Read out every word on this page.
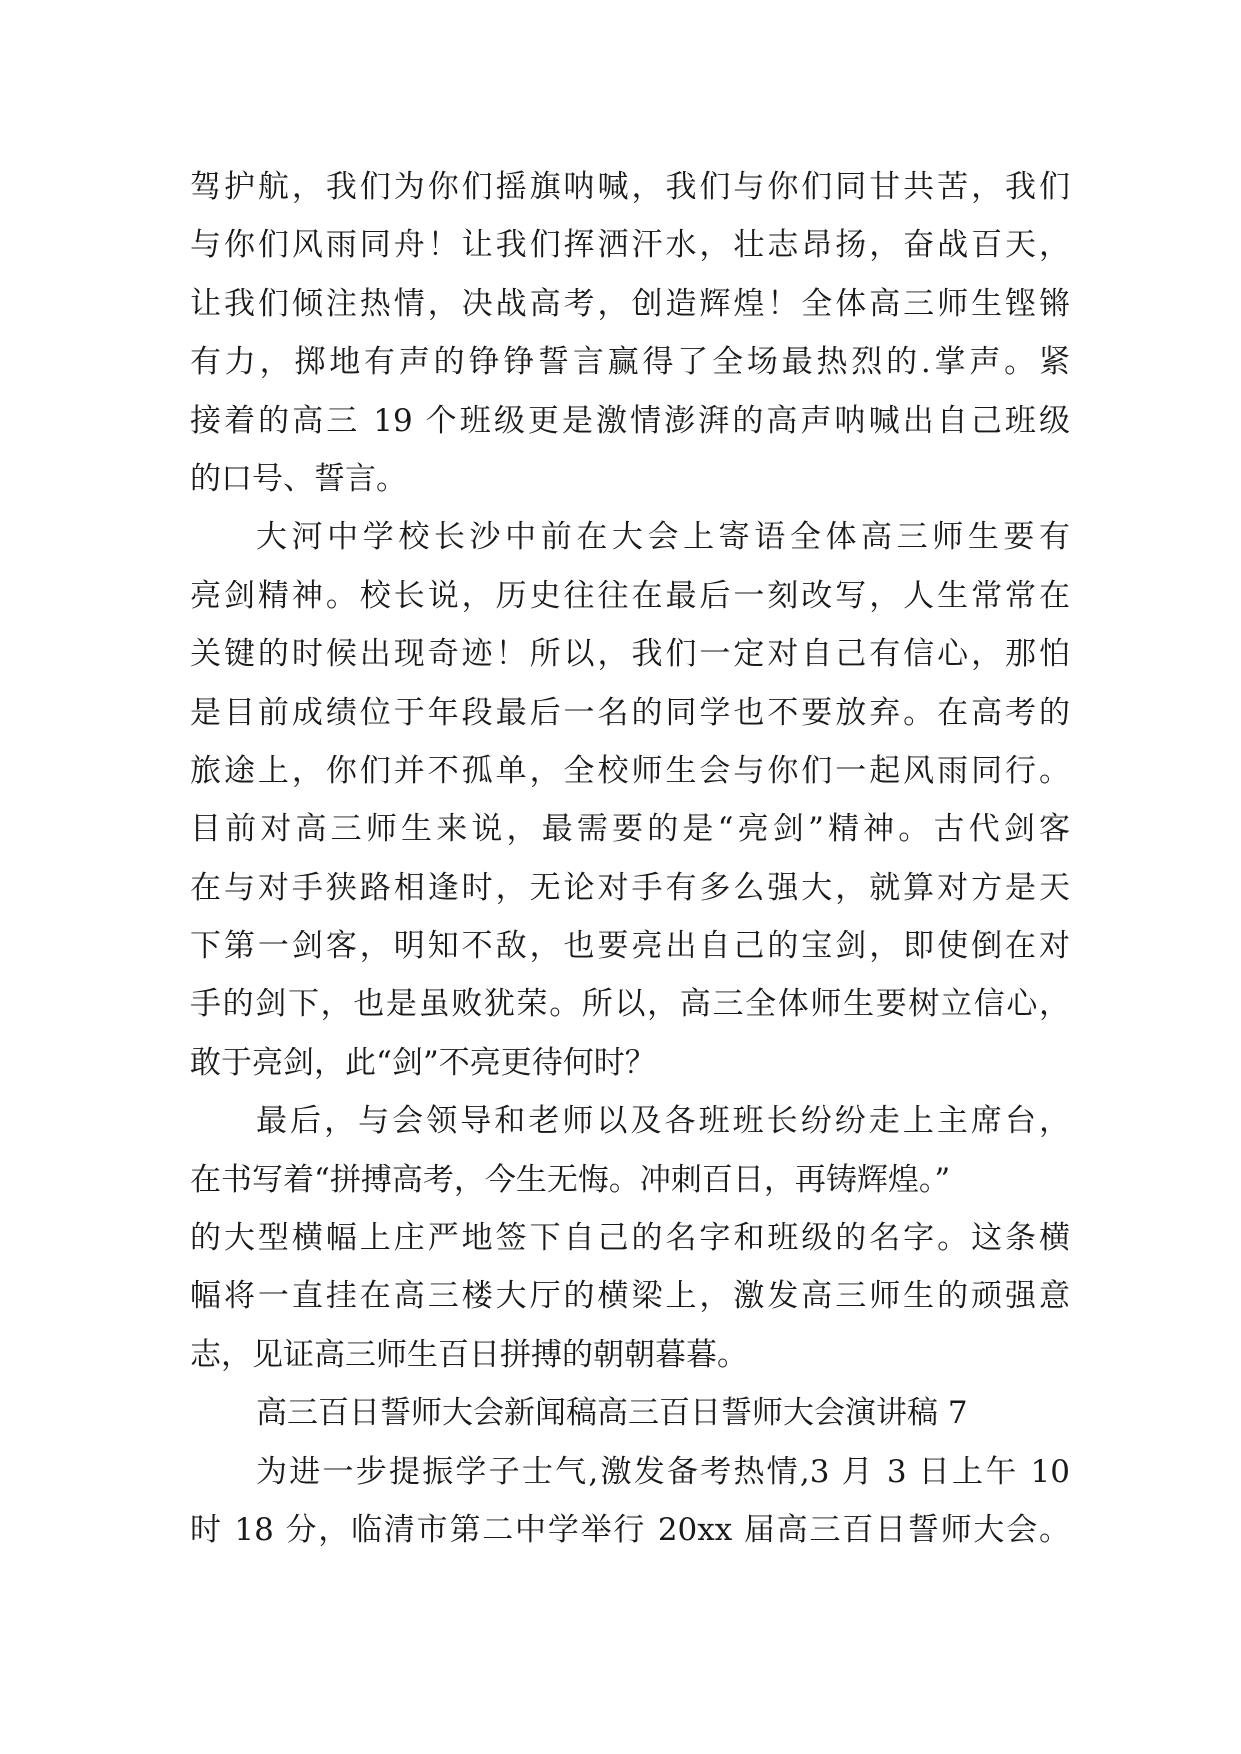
驾护航，我们为你们摇旗呐喊，我们与你们同甘共苦，我们
与你们风雨同舟！让我们挥洒汗水，壮志昂扬，奋战百天，
让我们倾注热情，决战高考，创造辉煌！全体高三师生铿锵
有力，掷地有声的铮铮誓言赢得了全场最热烈的.掌声。紧
接着的高三 19 个班级更是激情澎湃的高声呐喊出自己班级
的口号、誓言。
大河中学校长沙中前在大会上寄语全体高三师生要有
亮剑精神。校长说，历史往往在最后一刻改写，人生常常在
关键的时候出现奇迹！所以，我们一定对自己有信心，那怕
是目前成绩位于年段最后一名的同学也不要放弃。在高考的
旅途上，你们并不孤单，全校师生会与你们一起风雨同行。
目前对高三师生来说，最需要的是“亮剑”精神。古代剑客
在与对手狭路相逢时，无论对手有多么强大，就算对方是天
下第一剑客，明知不敌，也要亮出自己的宝剑，即使倒在对
手的剑下，也是虽败犹荣。所以，高三全体师生要树立信心，
敢于亮剑，此“剑”不亮更待何时？
最后，与会领导和老师以及各班班长纷纷走上主席台，
在书写着“拼搏高考，今生无悔。冲刺百日，再铸辉煌。”
的大型横幅上庄严地签下自己的名字和班级的名字。这条横
幅将一直挂在高三楼大厅的横梁上，激发高三师生的顽强意
志，见证高三师生百日拼搏的朝朝暮暮。
高三百日誓师大会新闻稿高三百日誓师大会演讲稿 7
为进一步提振学子士气,激发备考热情,3 月 3 日上午 10
时 18 分，临清市第二中学举行 20xx 届高三百日誓师大会。
